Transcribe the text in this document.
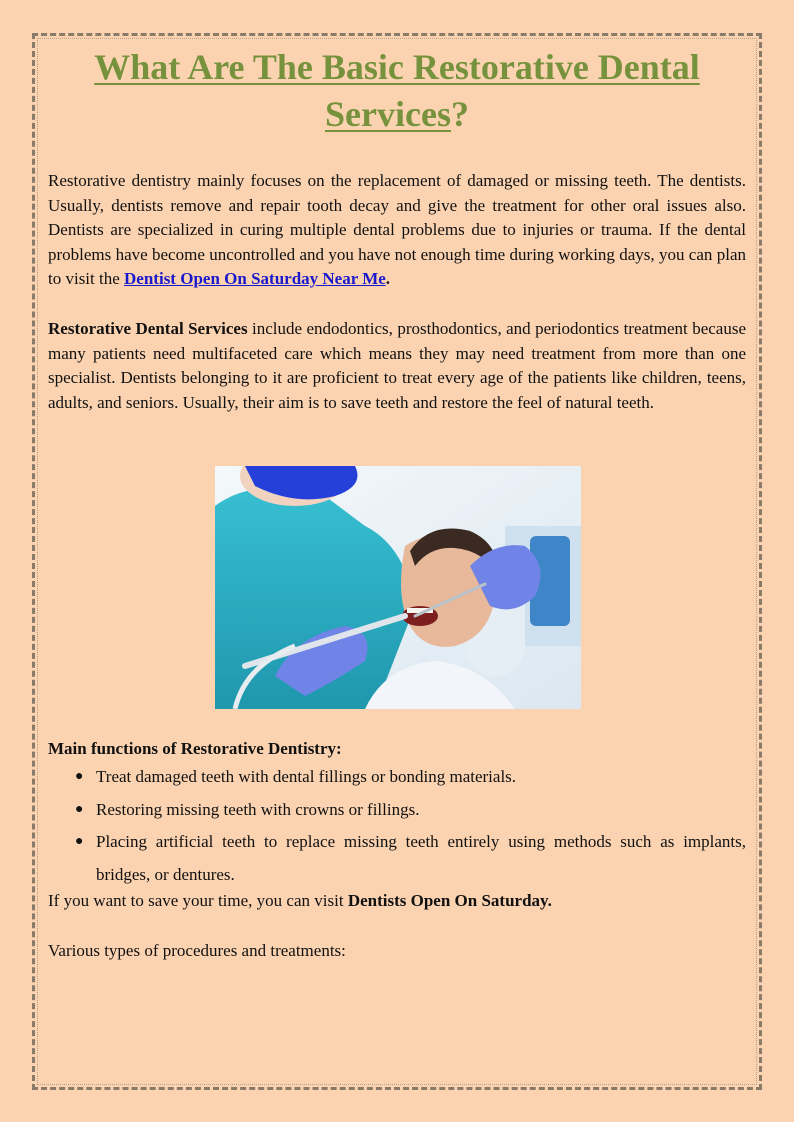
What Are The Basic Restorative Dental
Services?

Restorative dentistry mainly focuses on the replacement of damaged or missing teeth. The dentists. Usually, dentists remove and repair tooth decay and give the treatment for other oral issues also. Dentists are specialized in curing multiple dental problems due to injuries or trauma. If the dental problems have become uncontrolled and you have not enough time during working days, you can plan to visit the Dentist Open On Saturday Near Me.

Restorative Dental Services include endodontics, prosthodontics, and periodontics treatment because many patients need multifaceted care which means they may need treatment from more than one specialist. Dentists belonging to it are proficient to treat every age of the patients like children, teens, adults, and seniors. Usually, their aim is to save teeth and restore the feel of natural teeth.

Main functions of Restorative Dentistry:

● Treat damaged teeth with dental fillings or bonding materials.
● Restoring missing teeth with crowns or fillings.
● Placing artificial teeth to replace missing teeth entirely using methods such as implants, bridges, or dentures.

If you want to save your time, you can visit Dentists Open On Saturday.

Various types of procedures and treatments:
